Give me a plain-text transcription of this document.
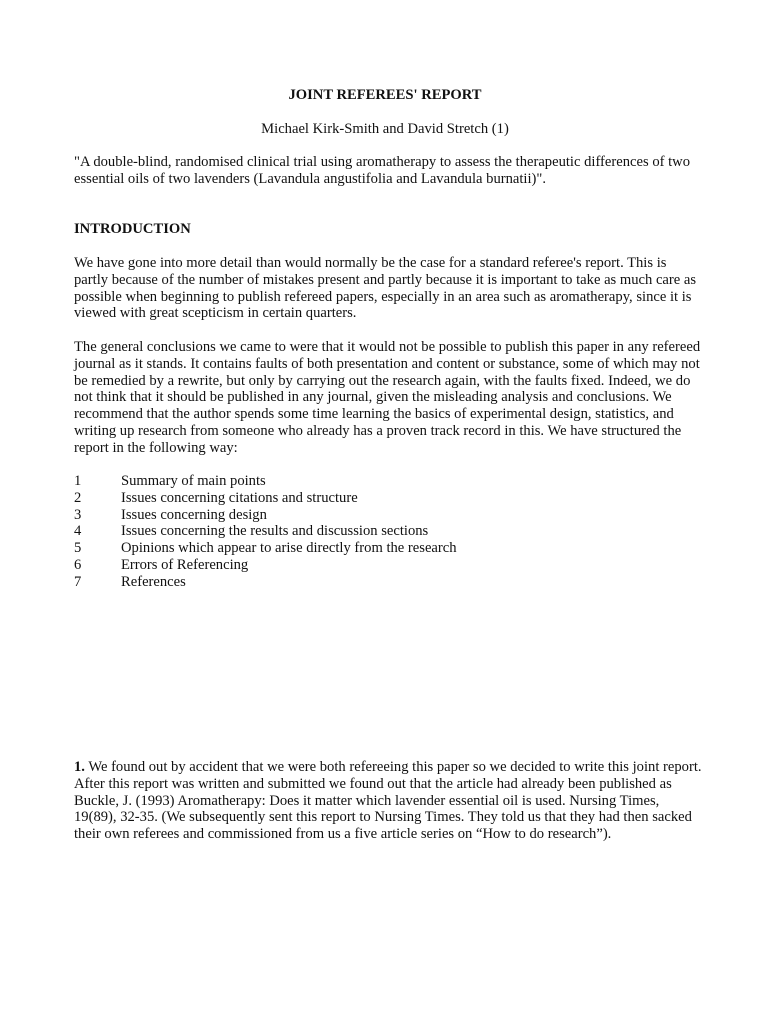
JOINT REFEREES' REPORT
Michael Kirk-Smith and David Stretch (1)

"A double-blind, randomised clinical trial using aromatherapy to assess the therapeutic differences of two essential oils of two lavenders (Lavandula angustifolia and Lavandula burnatii)".

INTRODUCTION

We have gone into more detail than would normally be the case for a standard referee's report. This is partly because of the number of mistakes present and partly because it is important to take as much care as possible when beginning to publish refereed papers, especially in an area such as aromatherapy, since it is viewed with great scepticism in certain quarters.

The general conclusions we came to were that it would not be possible to publish this paper in any refereed journal as it stands. It contains faults of both presentation and content or substance, some of which may not be remedied by a rewrite, but only by carrying out the research again, with the faults fixed. Indeed, we do not think that it should be published in any journal, given the misleading analysis and conclusions. We recommend that the author spends some time learning the basics of experimental design, statistics, and writing up research from someone who already has a proven track record in this. We have structured the report in the following way:

1	Summary of main points
2	Issues concerning citations and structure
3	Issues concerning design
4	Issues concerning the results and discussion sections
5	Opinions which appear to arise directly from the research
6	Errors of Referencing
7	References

1. We found out by accident that we were both refereeing this paper so we decided to write this joint report. After this report was written and submitted we found out that the article had already been published as Buckle, J. (1993) Aromatherapy: Does it matter which lavender essential oil is used. Nursing Times, 19(89), 32-35. (We subsequently sent this report to Nursing Times. They told us that they had then sacked their own referees and commissioned from us a five article series on “How to do research”).
